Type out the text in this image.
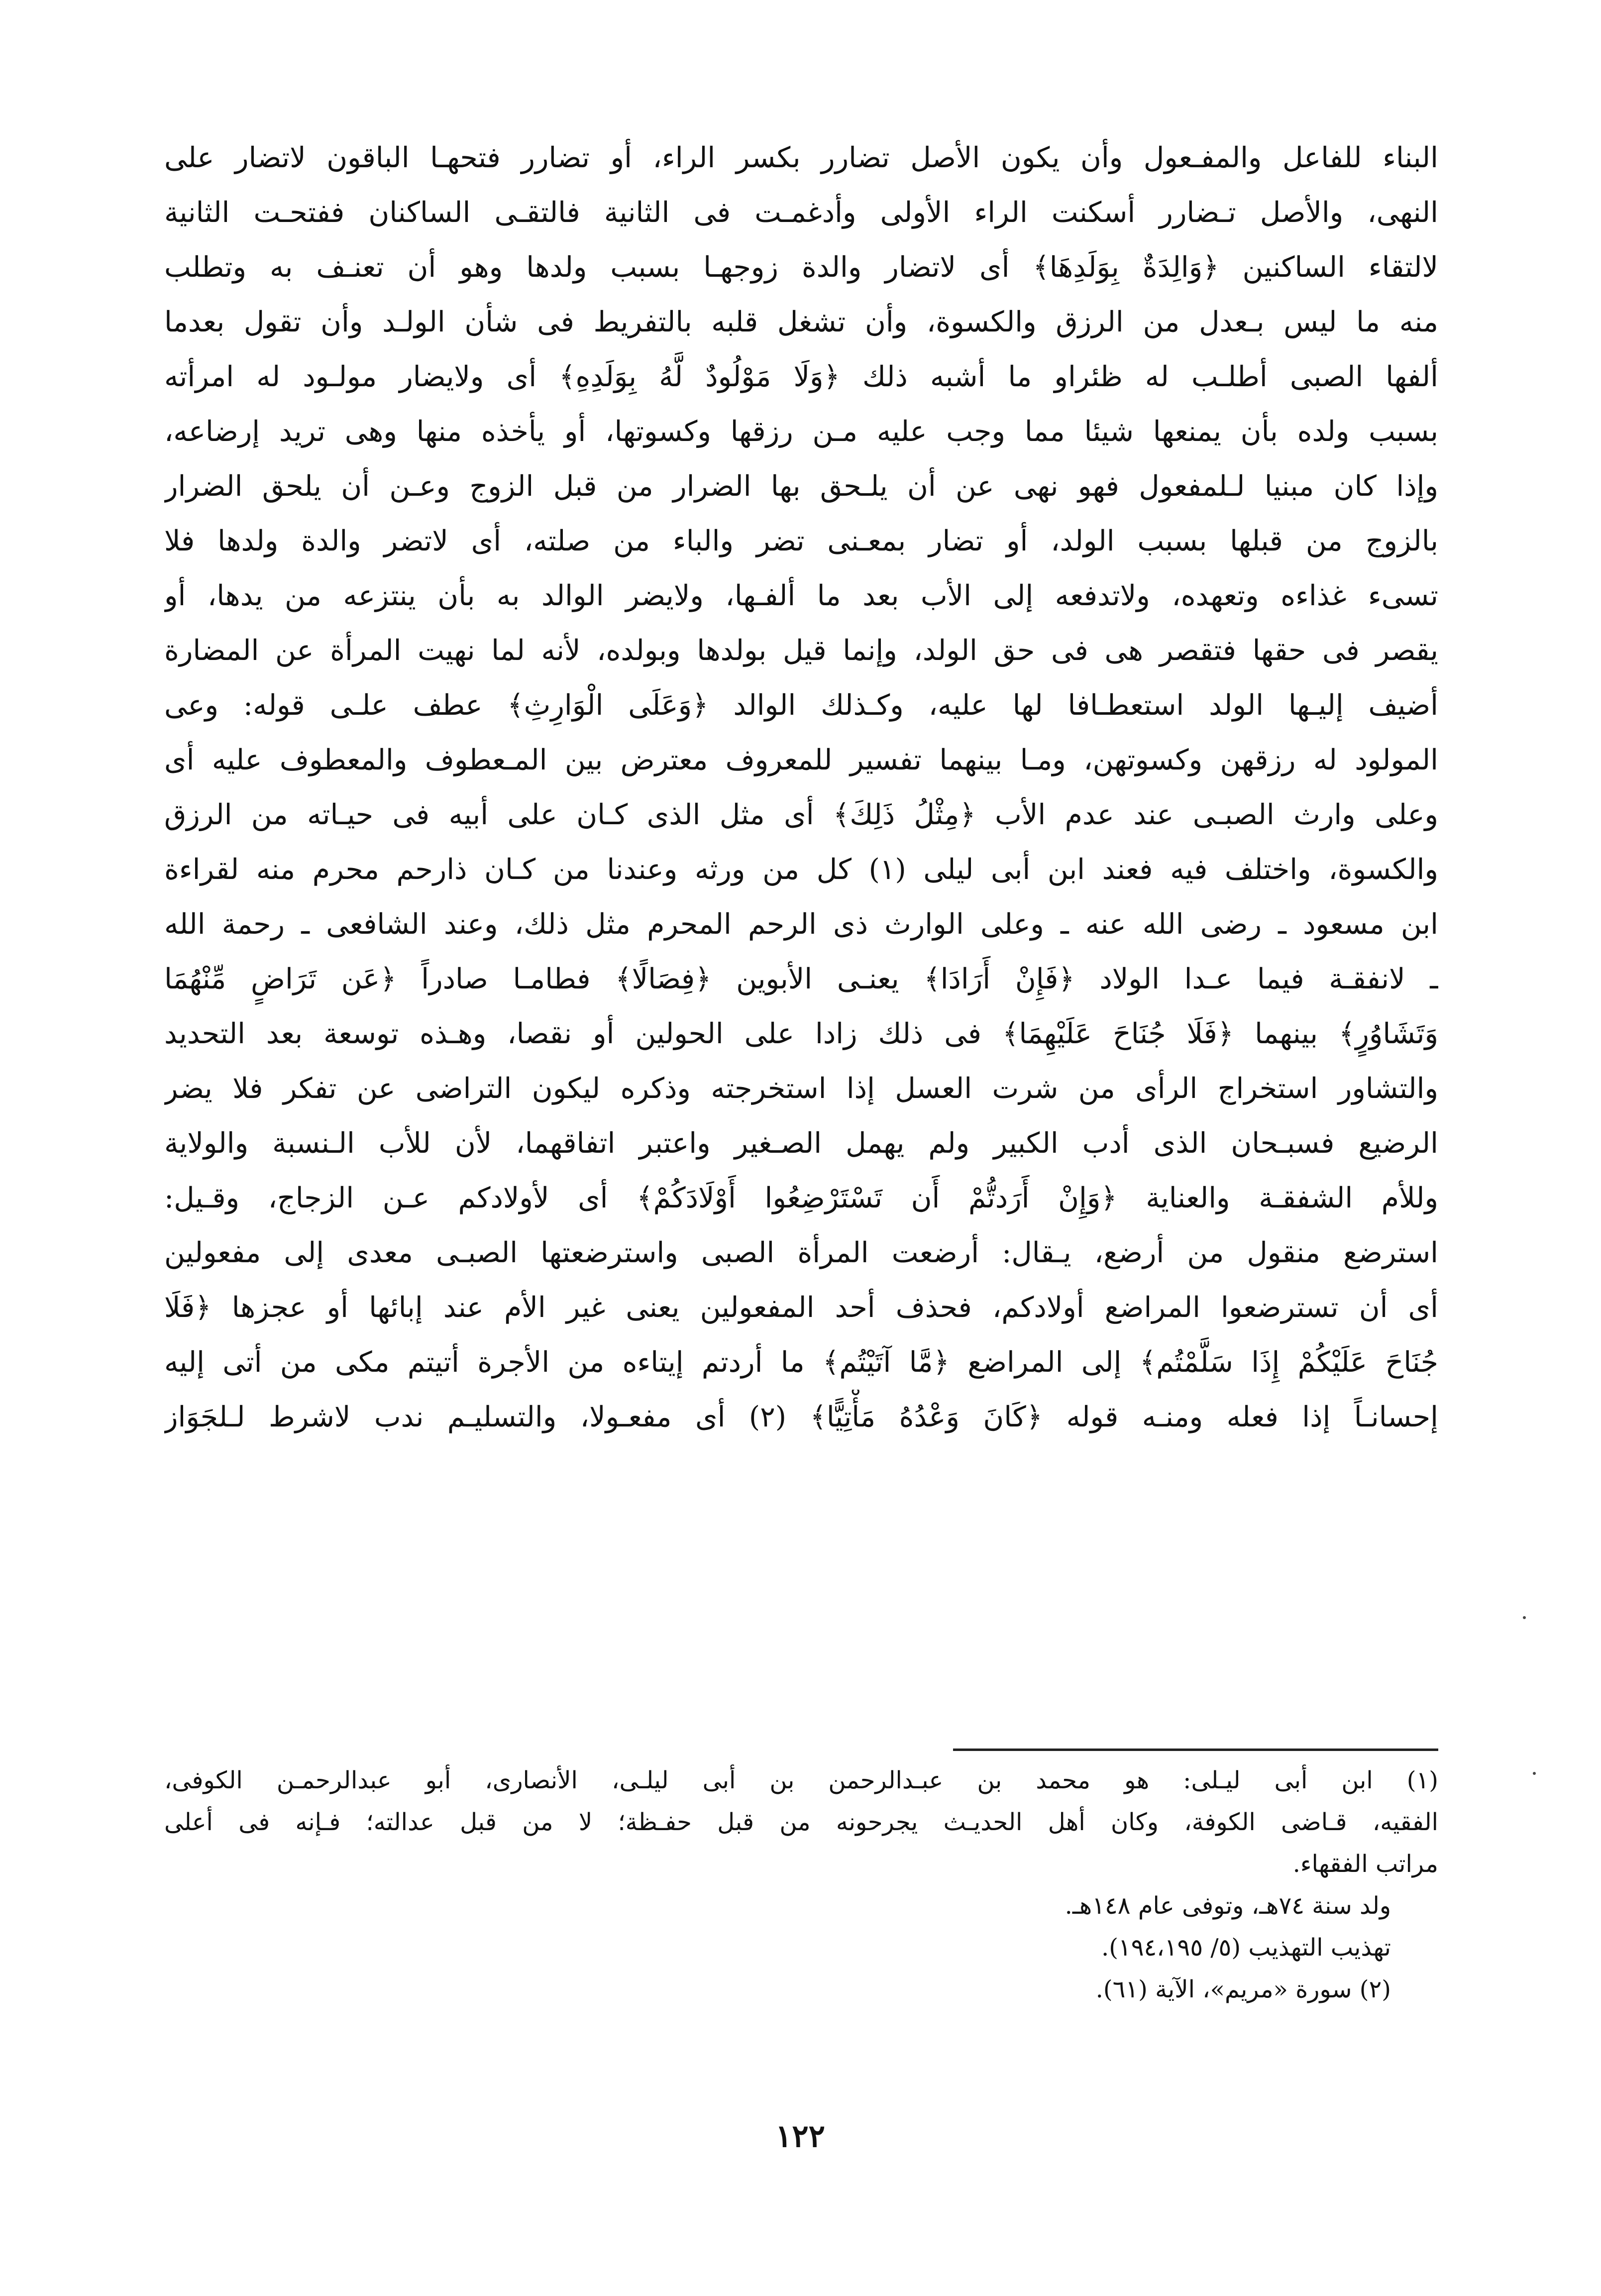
البناء للفاعل والمفـعول وأن يكون الأصل تضارر بكسر الراء، أو تضارر فتحهـا الباقون لاتضار على
النهى، والأصل تـضارر أسكنت الراء الأولى وأدغمـت فى الثانية فالتقـى الساكنان ففتحـت الثانية
لالتقاء الساكنين ﴿وَالِدَةٌ بِوَلَدِهَا﴾ أى لاتضار والدة زوجهـا بسبب ولدها وهو أن تعنـف به وتطلب
منه ما ليس بـعدل من الرزق والكسوة، وأن تشغل قلبه بالتفريط فى شأن الولـد وأن تقول بعدما
ألفها الصبى أطلـب له ظئراو ما أشبه ذلك ﴿وَلَا مَوْلُودٌ لَّهُ بِوَلَدِهِ﴾ أى ولايضار مولـود له امرأته
بسبب ولده بأن يمنعها شيئا مما وجب عليه مـن رزقها وكسوتها، أو يأخذه منها وهى تريد إرضاعه،
وإذا كان مبنيا لـلمفعول فهو نهى عن أن يلـحق بها الضرار من قبل الزوج وعـن أن يلحق الضرار
بالزوج من قبلها بسبب الولد، أو تضار بمعـنى تضر والباء من صلته، أى لاتضر والدة ولدها فلا
تسىء غذاءه وتعهده، ولاتدفعه إلى الأب بعد ما ألفـها، ولايضر الوالد به بأن ينتزعه من يدها، أو
يقصر فى حقها فتقصر هى فى حق الولد، وإنما قيل بولدها وبولده، لأنه لما نهيت المرأة عن المضارة
أضيف إليـها الولد استعطـافا لها عليه، وكـذلك الوالد ﴿وَعَلَى الْوَارِثِ﴾ عطف علـى قوله: وعى
المولود له رزقهن وكسوتهن، ومـا بينهما تفسير للمعروف معترض بين المـعطوف والمعطوف عليه أى
وعلى وارث الصبـى عند عدم الأب ﴿مِثْلُ ذَلِكَ﴾ أى مثل الذى كـان على أبيه فى حيـاته من الرزق
والكسوة، واختلف فيه فعند ابن أبى ليلى (١) كل من ورثه وعندنا من كـان ذارحم محرم منه لقراءة
ابن مسعود ـ رضى الله عنه ـ وعلى الوارث ذى الرحم المحرم مثل ذلك، وعند الشافعى ـ رحمة الله
ـ لانفقـة فيما عـدا الولاد ﴿فَإِنْ أَرَادَا﴾ يعنـى الأبوين ﴿فِصَالًا﴾ فطامـا صادراً ﴿عَن تَرَاضٍ مِّنْهُمَا
وَتَشَاوُرٍ﴾ بينهما ﴿فَلَا جُنَاحَ عَلَيْهِمَا﴾ فى ذلك زادا على الحولين أو نقصا، وهـذه توسعة بعد التحديد
والتشاور استخراج الرأى من شرت العسل إذا استخرجته وذكره ليكون التراضى عن تفكر فلا يضر
الرضيع فسبـحان الذى أدب الكبير ولم يهمل الصـغير واعتبر اتفاقهما، لأن للأب الـنسبة والولاية
وللأم الشفقـة والعناية ﴿وَإِنْ أَرَدتُّمْ أَن تَسْتَرْضِعُوا أَوْلَادَكُمْ﴾ أى لأولادكم عـن الزجاج، وقـيل:
استرضع منقول من أرضع، يـقال: أرضعت المرأة الصبى واسترضعتها الصبـى معدى إلى مفعولين
أى أن تسترضعوا المراضع أولادكم، فحذف أحد المفعولين يعنى غير الأم عند إبائها أو عجزها ﴿فَلَا
جُنَاحَ عَلَيْكُمْ إِذَا سَلَّمْتُم﴾ إلى المراضع ﴿مَّا آتَيْتُم﴾ ما أردتم إيتاءه من الأجرة أتيتم مكى من أتى إليه
إحسانـاً إذا فعله ومنـه قوله ﴿كَانَ وَعْدُهُ مَأْتِيًّا﴾ (٢) أى مفعـولا، والتسليـم ندب لاشرط لـلجَوَاز
(١) ابن أبى ليـلى: هو محمد بن عبـدالرحمن بن أبى ليلـى، الأنصارى، أبو عبدالرحمـن الكوفى،
الفقيه، قـاضى الكوفة، وكان أهل الحديـث يجرحونه من قبل حفـظة؛ لا من قبل عدالته؛ فـإنه فى أعلى
مراتب الفقهاء.
ولد سنة ٧٤هـ، وتوفى عام ١٤٨هـ.
تهذيب التهذيب (٥/ ١٩٤،١٩٥).
(٢) سورة «مريم»، الآية (٦١).
١٢٢
